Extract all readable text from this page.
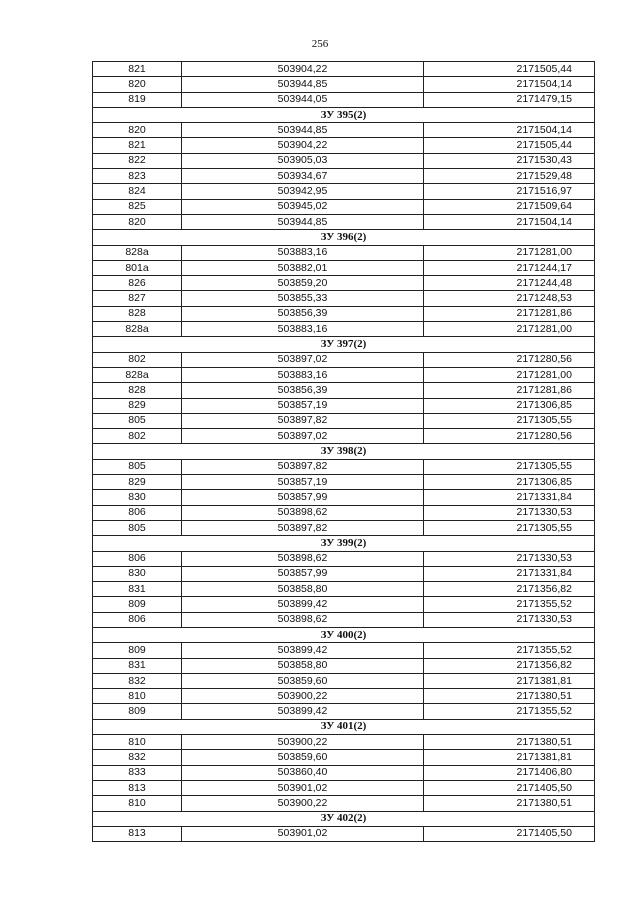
256
821	503904,22	2171505,44
820	503944,85	2171504,14
819	503944,05	2171479,15
ЗУ 395(2)		
820	503944,85	2171504,14
821	503904,22	2171505,44
822	503905,03	2171530,43
823	503934,67	2171529,48
824	503942,95	2171516,97
825	503945,02	2171509,64
820	503944,85	2171504,14
ЗУ 396(2)		
828а	503883,16	2171281,00
801а	503882,01	2171244,17
826	503859,20	2171244,48
827	503855,33	2171248,53
828	503856,39	2171281,86
828а	503883,16	2171281,00
ЗУ 397(2)		
802	503897,02	2171280,56
828а	503883,16	2171281,00
828	503856,39	2171281,86
829	503857,19	2171306,85
805	503897,82	2171305,55
802	503897,02	2171280,56
ЗУ 398(2)		
805	503897,82	2171305,55
829	503857,19	2171306,85
830	503857,99	2171331,84
806	503898,62	2171330,53
805	503897,82	2171305,55
ЗУ 399(2)		
806	503898,62	2171330,53
830	503857,99	2171331,84
831	503858,80	2171356,82
809	503899,42	2171355,52
806	503898,62	2171330,53
ЗУ 400(2)		
809	503899,42	2171355,52
831	503858,80	2171356,82
832	503859,60	2171381,81
810	503900,22	2171380,51
809	503899,42	2171355,52
ЗУ 401(2)		
810	503900,22	2171380,51
832	503859,60	2171381,81
833	503860,40	2171406,80
813	503901,02	2171405,50
810	503900,22	2171380,51
ЗУ 402(2)		
813	503901,02	2171405,50
